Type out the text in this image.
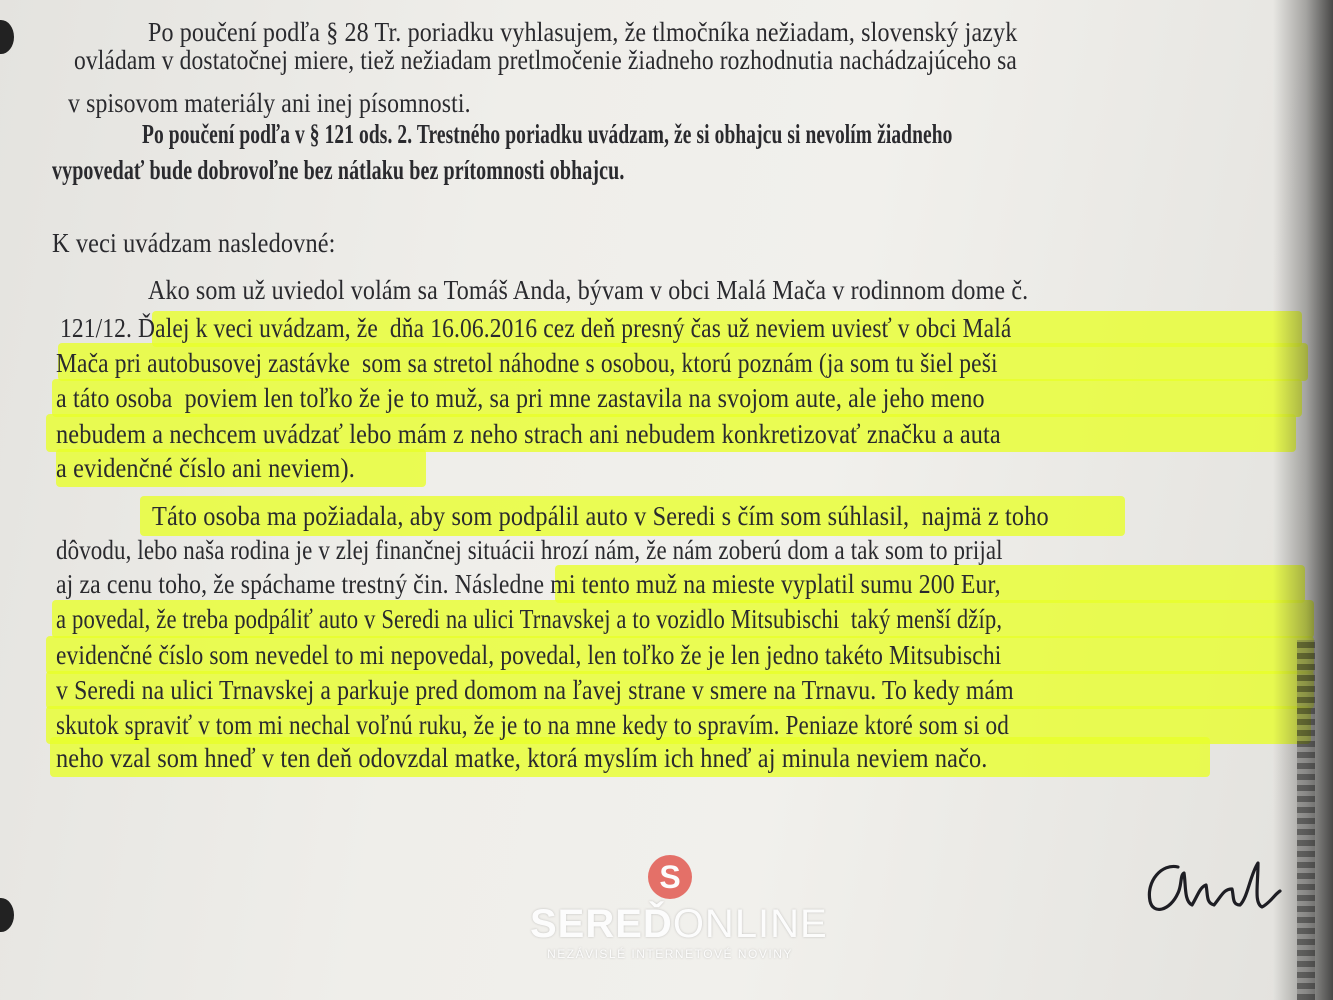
Po poučení podľa § 28 Tr. poriadku vyhlasujem, že tlmočníka nežiadam, slovenský jazyk
ovládam v dostatočnej miere, tiež nežiadam pretlmočenie žiadneho rozhodnutia nachádzajúceho sa
v spisovom materiály ani inej písomnosti.
Po poučení podľa v § 121 ods. 2. Trestného poriadku uvádzam, že si obhajcu si nevolím žiadneho
vypovedať bude dobrovoľne bez nátlaku bez prítomnosti obhajcu.
K veci uvádzam nasledovné:
Ako som už uviedol volám sa Tomáš Anda, bývam v obci Malá Mača v rodinnom dome č.
121/12. Ďalej k veci uvádzam, že  dňa 16.06.2016 cez deň presný čas už neviem uviesť v obci Malá
Mača pri autobusovej zastávke  som sa stretol náhodne s osobou, ktorú poznám (ja som tu šiel peši
a táto osoba  poviem len toľko že je to muž, sa pri mne zastavila na svojom aute, ale jeho meno
nebudem a nechcem uvádzať lebo mám z neho strach ani nebudem konkretizovať značku a auta
a evidenčné číslo ani neviem).
Táto osoba ma požiadala, aby som podpálil auto v Seredi s čím som súhlasil,  najmä z toho
dôvodu, lebo naša rodina je v zlej finančnej situácii hrozí nám, že nám zoberú dom a tak som to prijal
aj za cenu toho, že spáchame trestný čin. Následne mi tento muž na mieste vyplatil sumu 200 Eur,
a povedal, že treba podpáliť auto v Seredi na ulici Trnavskej a to vozidlo Mitsubischi  taký menší džíp,
evidenčné číslo som nevedel to mi nepovedal, povedal, len toľko že je len jedno takéto Mitsubischi
v Seredi na ulici Trnavskej a parkuje pred domom na ľavej strane v smere na Trnavu. To kedy mám
skutok spraviť v tom mi nechal voľnú ruku, že je to na mne kedy to spravím. Peniaze ktoré som si od
neho vzal som hneď v ten deň odovzdal matke, ktorá myslím ich hneď aj minula neviem načo.
S
SEREĎONLINE
NEZÁVISLÉ INTERNETOVÉ NOVINY
